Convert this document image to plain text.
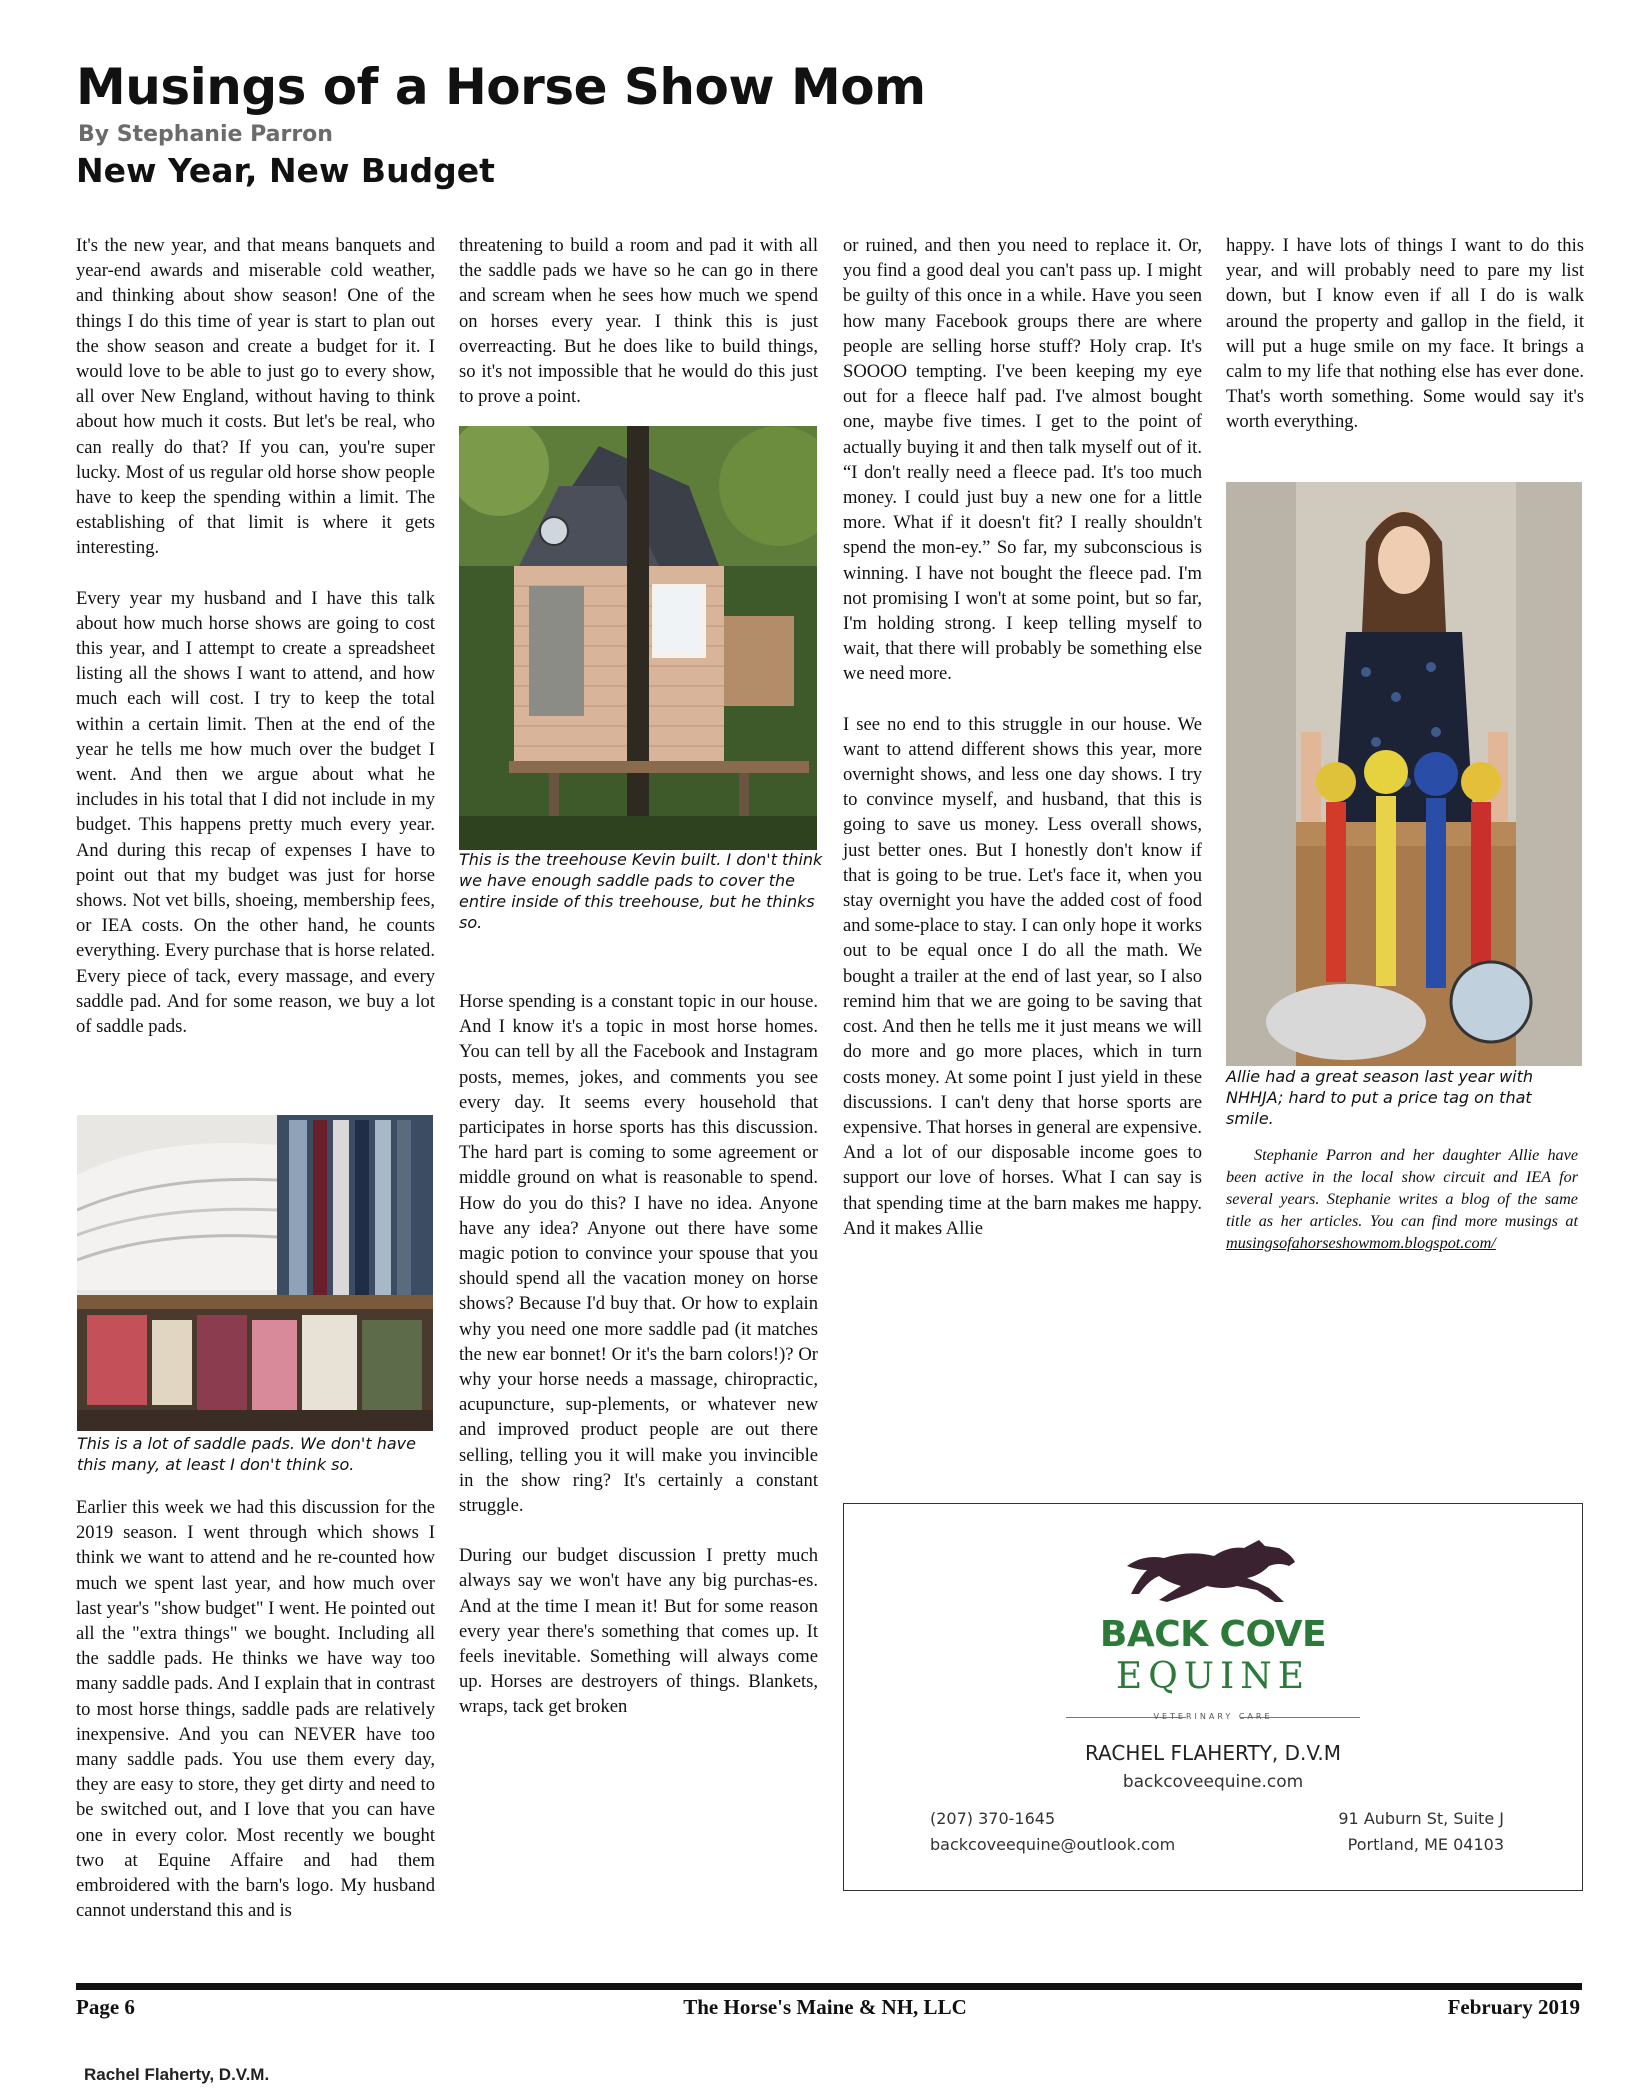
Musings of a Horse Show Mom
By Stephanie Parron
New Year, New Budget

It's the new year, and that means banquets and year-end awards and miserable cold weather, and thinking about show season! One of the things I do this time of year is start to plan out the show season and create a budget for it. I would love to be able to just go to every show, all over New England, without having to think about how much it costs. But let's be real, who can really do that? If you can, you're super lucky. Most of us regular old horse show people have to keep the spending within a limit. The establishing of that limit is where it gets interesting.

Every year my husband and I have this talk about how much horse shows are going to cost this year, and I attempt to create a spreadsheet listing all the shows I want to attend, and how much each will cost. I try to keep the total within a certain limit. Then at the end of the year he tells me how much over the budget I went. And then we argue about what he includes in his total that I did not include in my budget. This happens pretty much every year. And during this recap of expenses I have to point out that my budget was just for horse shows. Not vet bills, shoeing, membership fees, or IEA costs. On the other hand, he counts everything. Every purchase that is horse related. Every piece of tack, every massage, and every saddle pad. And for some reason, we buy a lot of saddle pads.

This is a lot of saddle pads. We don't have this many, at least I don't think so.

Earlier this week we had this discussion for the 2019 season. I went through which shows I think we want to attend and he re-counted how much we spent last year, and how much over last year's "show budget" I went. He pointed out all the "extra things" we bought. Including all the saddle pads. He thinks we have way too many saddle pads. And I explain that in contrast to most horse things, saddle pads are relatively inexpensive. And you can NEVER have too many saddle pads. You use them every day, they are easy to store, they get dirty and need to be switched out, and I love that you can have one in every color. Most recently we bought two at Equine Affaire and had them embroidered with the barn's logo. My husband cannot understand this and is

threatening to build a room and pad it with all the saddle pads we have so he can go in there and scream when he sees how much we spend on horses every year. I think this is just overreacting. But he does like to build things, so it's not impossible that he would do this just to prove a point.

This is the treehouse Kevin built. I don't think we have enough saddle pads to cover the entire inside of this treehouse, but he thinks so.

Horse spending is a constant topic in our house. And I know it's a topic in most horse homes. You can tell by all the Facebook and Instagram posts, memes, jokes, and comments you see every day. It seems every household that participates in horse sports has this discussion. The hard part is coming to some agreement or middle ground on what is reasonable to spend. How do you do this? I have no idea. Anyone have any idea? Anyone out there have some magic potion to convince your spouse that you should spend all the vacation money on horse shows? Because I'd buy that. Or how to explain why you need one more saddle pad (it matches the new ear bonnet! Or it's the barn colors!)? Or why your horse needs a massage, chiropractic, acupuncture, sup-plements, or whatever new and improved product people are out there selling, telling you it will make you invincible in the show ring? It's certainly a constant struggle.

During our budget discussion I pretty much always say we won't have any big purchas-es. And at the time I mean it! But for some reason every year there's something that comes up. It feels inevitable. Something will always come up. Horses are destroyers of things. Blankets, wraps, tack get broken

or ruined, and then you need to replace it. Or, you find a good deal you can't pass up. I might be guilty of this once in a while. Have you seen how many Facebook groups there are where people are selling horse stuff? Holy crap. It's SOOOO tempting. I've been keeping my eye out for a fleece half pad. I've almost bought one, maybe five times. I get to the point of actually buying it and then talk myself out of it. “I don't really need a fleece pad. It's too much money. I could just buy a new one for a little more. What if it doesn't fit? I really shouldn't spend the mon-ey.” So far, my subconscious is winning. I have not bought the fleece pad. I'm not promising I won't at some point, but so far, I'm holding strong. I keep telling myself to wait, that there will probably be something else we need more.

I see no end to this struggle in our house. We want to attend different shows this year, more overnight shows, and less one day shows. I try to convince myself, and husband, that this is going to save us money. Less overall shows, just better ones. But I honestly don't know if that is going to be true. Let's face it, when you stay overnight you have the added cost of food and some-place to stay. I can only hope it works out to be equal once I do all the math. We bought a trailer at the end of last year, so I also remind him that we are going to be saving that cost. And then he tells me it just means we will do more and go more places, which in turn costs money. At some point I just yield in these discussions. I can't deny that horse sports are expensive. That horses in general are expensive. And a lot of our disposable income goes to support our love of horses. What I can say is that spending time at the barn makes me happy. And it makes Allie

happy. I have lots of things I want to do this year, and will probably need to pare my list down, but I know even if all I do is walk around the property and gallop in the field, it will put a huge smile on my face. It brings a calm to my life that nothing else has ever done. That's worth something. Some would say it's worth everything.

Allie had a great season last year with NHHJA; hard to put a price tag on that smile.
Stephanie Parron and her daughter Allie have been active in the local show circuit and IEA for several years. Stephanie writes a blog of the same title as her articles. You can find more musings at musingsofahorseshowmom.blogspot.com/
BACK COVE
EQUINE
VETERINARY CARE
RACHEL FLAHERTY, D.V.M
backcoveequine.com
(207) 370-1645
backcoveequine@outlook.com
91 Auburn St, Suite J
Portland, ME 04103
Page 6	The Horse's Maine & NH, LLC	February 2019
Rachel Flaherty, D.V.M.
